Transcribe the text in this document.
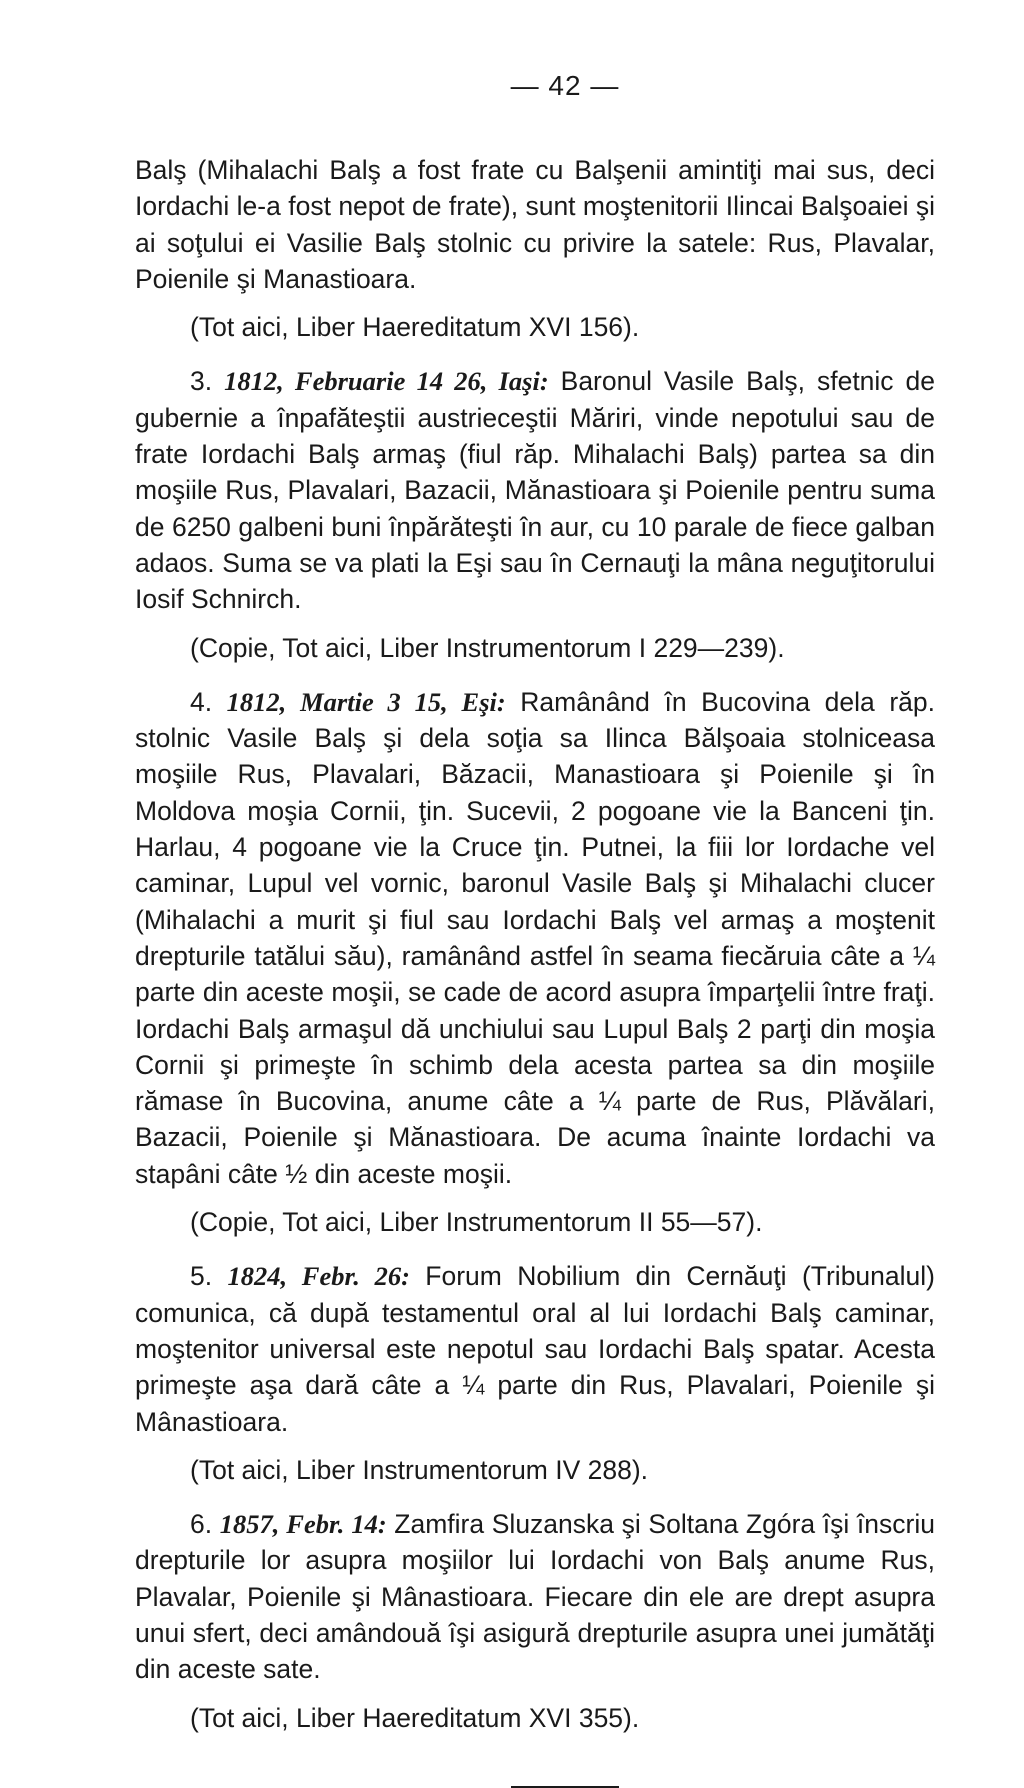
— 42 —

Balş (Mihalachi Balş a fost frate cu Balşenii amintiţi mai sus, deci Iordachi le-a fost nepot de frate), sunt moştenitorii Ilincai Balşoaiei şi ai soţului ei Vasilie Balş stolnic cu privire la satele: Rus, Plavalar, Poienile şi Manastioara.

(Tot aici, Liber Haereditatum XVI 156).

3. 1812, Februarie 14 26, Iaşi: Baronul Vasile Balş, sfetnic de gubernie a înpafăteştii austrieceştii Măriri, vinde nepotului sau de frate Iordachi Balş armaş (fiul răp. Mihalachi Balş) partea sa din moşiile Rus, Plavalari, Bazacii, Mănastioara şi Poienile pentru suma de 6250 galbeni buni înpărăteşti în aur, cu 10 parale de fiece galban adaos. Suma se va plati la Eşi sau în Cernauţi la mâna neguţitorului Iosif Schnirch.

(Copie, Tot aici, Liber Instrumentorum I 229—239).

4. 1812, Martie 3 15, Eşi: Ramânând în Bucovina dela răp. stolnic Vasile Balş şi dela soţia sa Ilinca Bălşoaia stolniceasa moşiile Rus, Plavalari, Băzacii, Manastioara şi Poienile şi în Moldova moşia Cornii, ţin. Sucevii, 2 pogoane vie la Banceni ţin. Harlau, 4 pogoane vie la Cruce ţin. Putnei, la fiii lor Iordache vel caminar, Lupul vel vornic, baronul Vasile Balş şi Mihalachi clucer (Mihalachi a murit şi fiul sau Iordachi Balş vel armaş a moştenit drepturile tatălui său), ramânând astfel în seama fiecăruia câte a ¼ parte din aceste moşii, se cade de acord asupra împarţelii între fraţi. Iordachi Balş armaşul dă unchiului sau Lupul Balş 2 parţi din moşia Cornii şi primeşte în schimb dela acesta partea sa din moşiile rămase în Bucovina, anume câte a ¼ parte de Rus, Plăvălari, Bazacii, Poienile şi Mănastioara. De acuma înainte Iordachi va stapâni câte ½ din aceste moşii.

(Copie, Tot aici, Liber Instrumentorum II 55—57).

5. 1824, Febr. 26: Forum Nobilium din Cernăuţi (Tribunalul) comunica, că după testamentul oral al lui Iordachi Balş caminar, moştenitor universal este nepotul sau Iordachi Balş spatar. Acesta primeşte aşa dară câte a ¼ parte din Rus, Plavalari, Poienile şi Mânastioara.

(Tot aici, Liber Instrumentorum IV 288).

6. 1857, Febr. 14: Zamfira Sluzanska şi Soltana Zgóra îşi înscriu drepturile lor asupra moşiilor lui Iordachi von Balş anume Rus, Plavalar, Poienile şi Mânastioara. Fiecare din ele are drept asupra unui sfert, deci amândouă îşi asigură drepturile asupra unei jumătăţi din aceste sate.

(Tot aici, Liber Haereditatum XVI 355).
